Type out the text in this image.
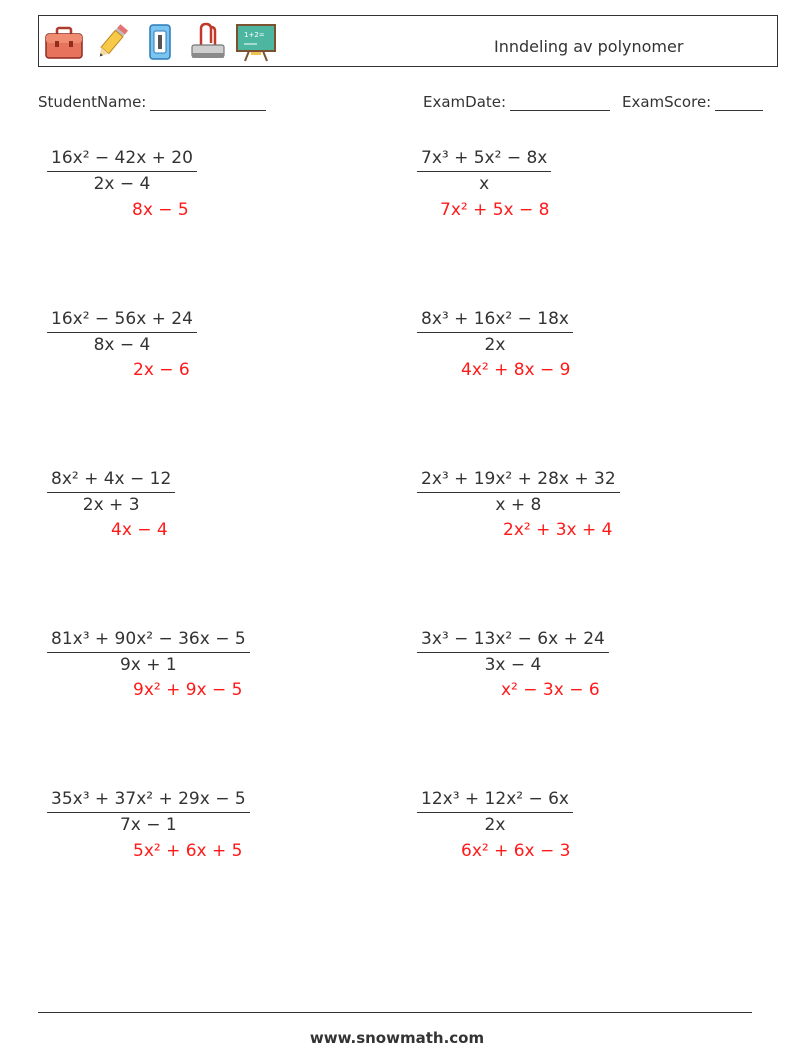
1+2=
Inndeling av polynomer
StudentName:	ExamDate:	ExamScore:
$\frac{\text{16x² − 42x + 20}}{2x - 4}$
8x − 5
$\frac{\text{7x³ + 5x² − 8x}}{x}$
7x² + 5x − 8
$\frac{\text{16x² − 56x + 24}}{8x - 4}$
2x − 6
$\frac{\text{8x³ + 16x² − 18x}}{2x}$
4x² + 8x − 9
$\frac{\text{8x² + 4x − 12}}{2x + 3}$
4x − 4
$\frac{\text{2x³ + 19x² + 28x + 32}}{x + 8}$
2x² + 3x + 4
$\frac{\text{81x³ + 90x² − 36x − 5}}{9x + 1}$
9x² + 9x − 5
$\frac{\text{3x³ − 13x² − 6x + 24}}{3x - 4}$
x² − 3x − 6
$\frac{\text{35x³ + 37x² + 29x − 5}}{7x - 1}$
5x² + 6x + 5
$\frac{\text{12x³ + 12x² − 6x}}{2x}$
6x² + 6x − 3
www.snowmath.com
